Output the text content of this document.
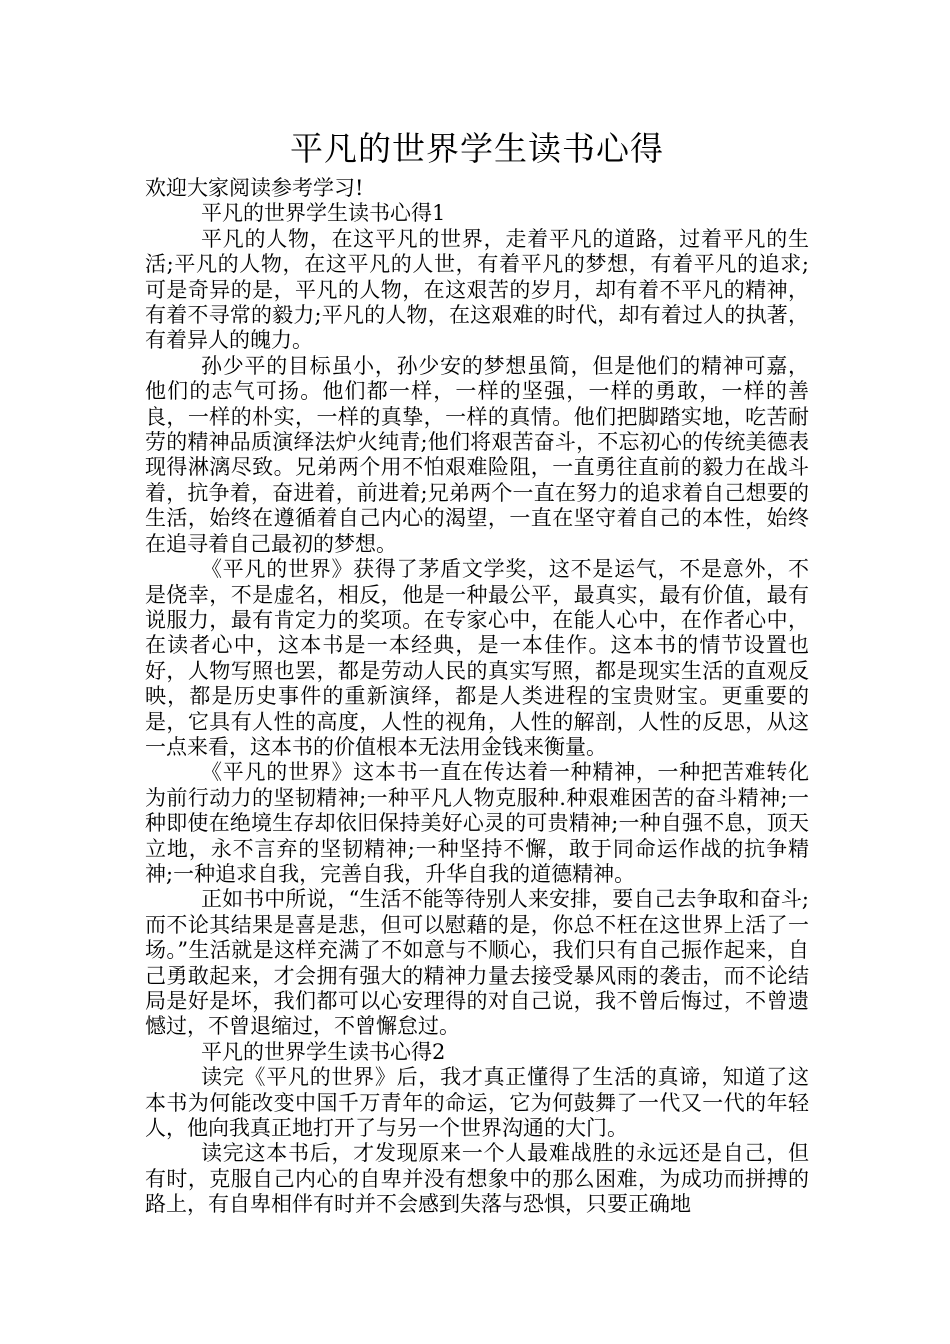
平凡的世界学生读书心得

欢迎大家阅读参考学习!

平凡的世界学生读书心得1

平凡的人物，在这平凡的世界，走着平凡的道路，过着平凡的生活;平凡的人物，在这平凡的人世，有着平凡的梦想，有着平凡的追求;可是奇异的是，平凡的人物，在这艰苦的岁月，却有着不平凡的精神，有着不寻常的毅力;平凡的人物，在这艰难的时代，却有着过人的执著，有着异人的魄力。

孙少平的目标虽小，孙少安的梦想虽简，但是他们的精神可嘉，他们的志气可扬。他们都一样，一样的坚强，一样的勇敢，一样的善良，一样的朴实，一样的真挚，一样的真情。他们把脚踏实地，吃苦耐劳的精神品质演绎法炉火纯青;他们将艰苦奋斗，不忘初心的传统美德表现得淋漓尽致。兄弟两个用不怕艰难险阻，一直勇往直前的毅力在战斗着，抗争着，奋进着，前进着;兄弟两个一直在努力的追求着自己想要的生活，始终在遵循着自己内心的渴望，一直在坚守着自己的本性，始终在追寻着自己最初的梦想。

《平凡的世界》获得了茅盾文学奖，这不是运气，不是意外，不是侥幸，不是虚名，相反，他是一种最公平，最真实，最有价值，最有说服力，最有肯定力的奖项。在专家心中，在能人心中，在作者心中，在读者心中，这本书是一本经典，是一本佳作。这本书的情节设置也好，人物写照也罢，都是劳动人民的真实写照，都是现实生活的直观反映，都是历史事件的重新演绎，都是人类进程的宝贵财宝。更重要的是，它具有人性的高度，人性的视角，人性的解剖，人性的反思，从这一点来看，这本书的价值根本无法用金钱来衡量。

《平凡的世界》这本书一直在传达着一种精神，一种把苦难转化为前行动力的坚韧精神;一种平凡人物克服种.种艰难困苦的奋斗精神;一种即使在绝境生存却依旧保持美好心灵的可贵精神;一种自强不息，顶天立地，永不言弃的坚韧精神;一种坚持不懈，敢于同命运作战的抗争精神;一种追求自我，完善自我，升华自我的道德精神。

正如书中所说，“生活不能等待别人来安排，要自己去争取和奋斗;而不论其结果是喜是悲，但可以慰藉的是，你总不枉在这世界上活了一场。”生活就是这样充满了不如意与不顺心，我们只有自己振作起来，自己勇敢起来，才会拥有强大的精神力量去接受暴风雨的袭击，而不论结局是好是坏，我们都可以心安理得的对自己说，我不曾后悔过，不曾遗憾过，不曾退缩过，不曾懈怠过。

平凡的世界学生读书心得2

读完《平凡的世界》后，我才真正懂得了生活的真谛，知道了这本书为何能改变中国千万青年的命运，它为何鼓舞了一代又一代的年轻人，他向我真正地打开了与另一个世界沟通的大门。

读完这本书后，才发现原来一个人最难战胜的永远还是自己，但有时，克服自己内心的自卑并没有想象中的那么困难，为成功而拼搏的路上，有自卑相伴有时并不会感到失落与恐惧，只要正确地
